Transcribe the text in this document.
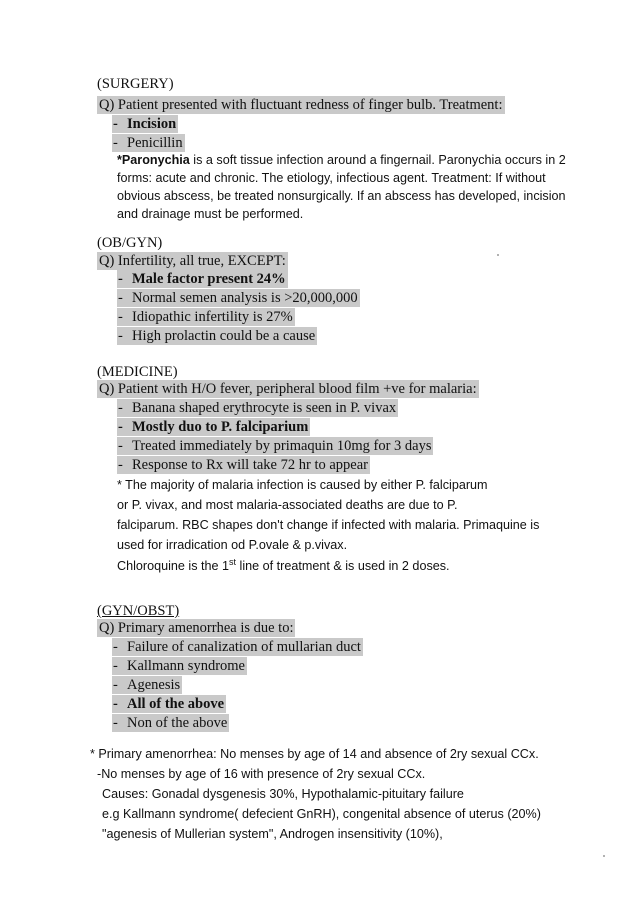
(SURGERY)
Q) Patient presented with fluctuant redness of finger bulb. Treatment:
- Incision
- Penicillin
*Paronychia is a soft tissue infection around a fingernail. Paronychia occurs in 2
forms: acute and chronic. The etiology, infectious agent. Treatment: If without
obvious abscess, be treated nonsurgically. If an abscess has developed, incision
and drainage must be performed.
(OB/GYN)
Q) Infertility, all true, EXCEPT:
- Male factor present 24%
- Normal semen analysis is >20,000,000
- Idiopathic infertility is 27%
- High prolactin could be a cause
(MEDICINE)
Q) Patient with H/O fever, peripheral blood film +ve for malaria:
- Banana shaped erythrocyte is seen in P. vivax
- Mostly duo to P. falciparium
- Treated immediately by primaquin 10mg for 3 days
- Response to Rx will take 72 hr to appear
* The majority of malaria infection is caused by either P. falciparum
or P. vivax, and most malaria-associated deaths are due to P.
falciparum. RBC shapes don't change if infected with malaria. Primaquine is
used for irradication od P.ovale & p.vivax.
Chloroquine is the 1st line of treatment & is used in 2 doses.
(GYN/OBST)
Q) Primary amenorrhea is due to:
- Failure of canalization of mullarian duct
- Kallmann syndrome
- Agenesis
- All of the above
- Non of the above
* Primary amenorrhea: No menses by age of 14 and absence of 2ry sexual CCx.
-No menses by age of 16 with presence of 2ry sexual CCx.
Causes: Gonadal dysgenesis 30%, Hypothalamic-pituitary failure
e.g Kallmann syndrome( defecient GnRH), congenital absence of uterus (20%)
"agenesis of Mullerian system", Androgen insensitivity (10%),
